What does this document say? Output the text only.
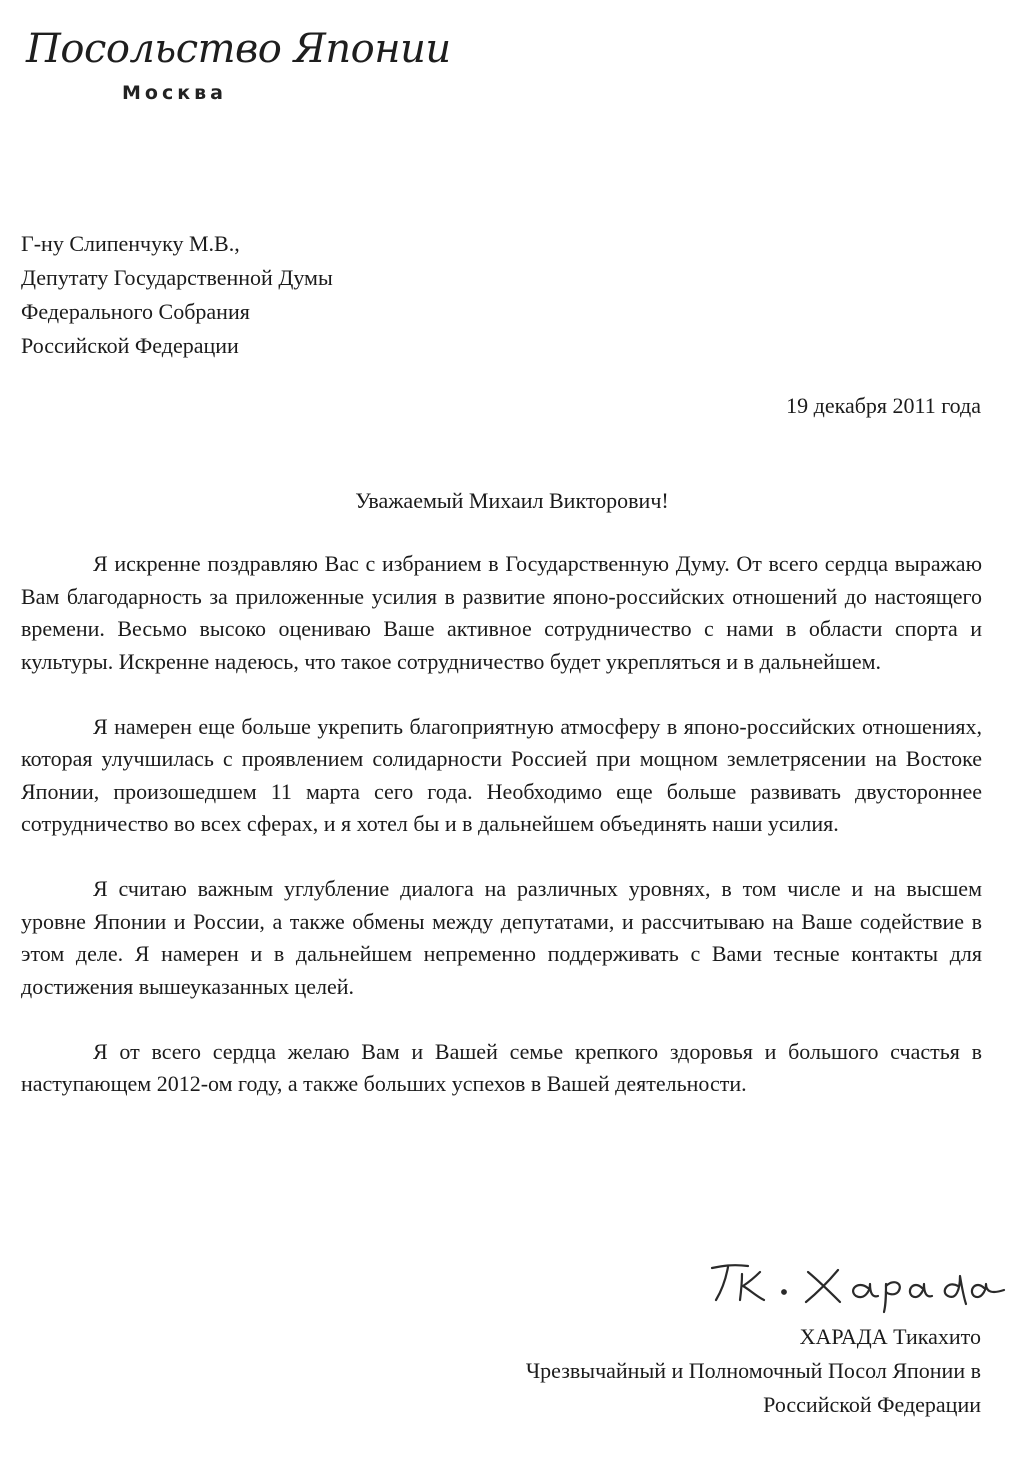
Посольство Японии
Москва
Г-ну Слипенчуку М.В.,
Депутату Государственной Думы
Федерального Собрания
Российской Федерации
19 декабря 2011 года
Уважаемый Михаил Викторович!

Я искренне поздравляю Вас с избранием в Государственную Думу. От всего сердца выражаю Вам благодарность за приложенные усилия в развитие японо-российских отношений до настоящего времени. Весьмо высоко оцениваю Ваше активное сотрудничество с нами в области спорта и культуры. Искренне надеюсь, что такое сотрудничество будет укрепляться и в дальнейшем.

Я намерен еще больше укрепить благоприятную атмосферу в японо-российских отношениях, которая улучшилась с проявлением солидарности Россией при мощном землетрясении на Востоке Японии, произошедшем 11 марта сего года. Необходимо еще больше развивать двустороннее сотрудничество во всех сферах, и я хотел бы и в дальнейшем объединять наши усилия.

Я считаю важным углубление диалога на различных уровнях, в том числе и на высшем уровне Японии и России, а также обмены между депутатами, и рассчитываю на Ваше содействие в этом деле. Я намерен и в дальнейшем непременно поддерживать с Вами тесные контакты для достижения вышеуказанных целей.

Я от всего сердца желаю Вам и Вашей семье крепкого здоровья и большого счастья в наступающем 2012-ом году, а также больших успехов в Вашей деятельности.

ХАРАДА Тикахито
Чрезвычайный и Полномочный Посол Японии в
Российской Федерации
